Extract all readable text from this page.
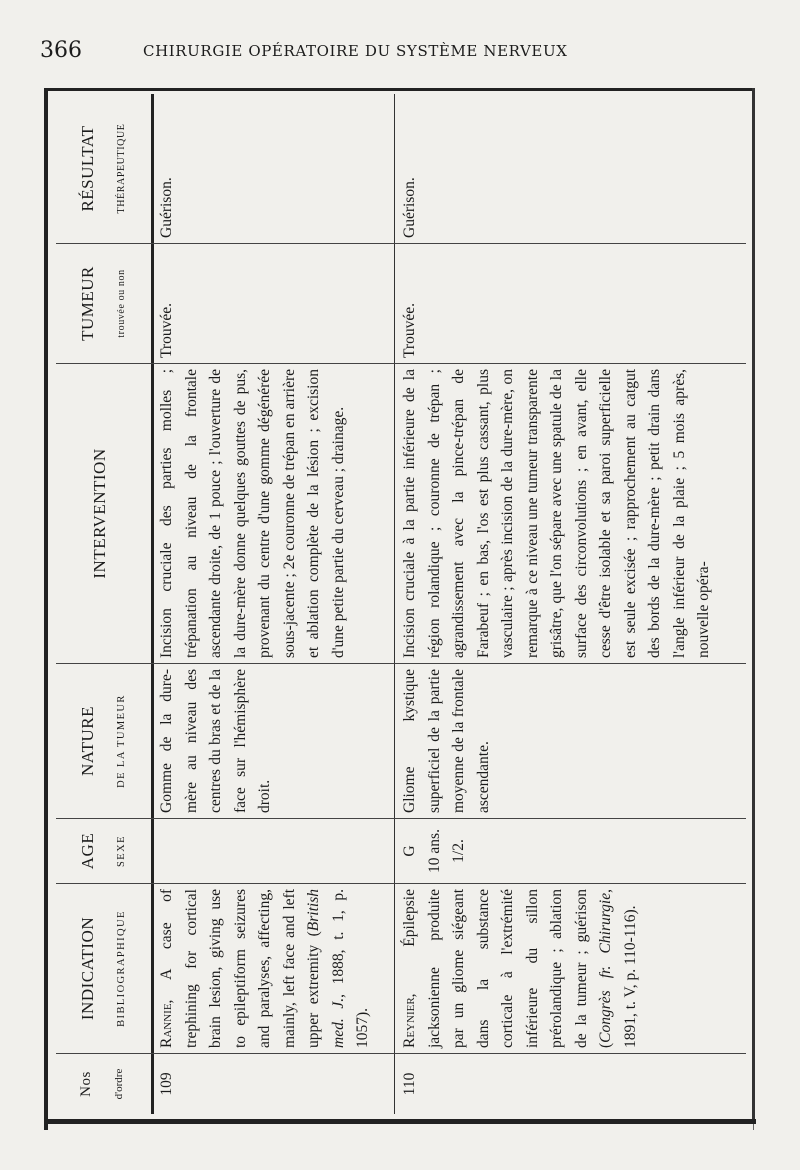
366	CHIRURGIE OPÉRATOIRE DU SYSTÈME NERVEUX
Nos d'ordre
INDICATION BIBLIOGRAPHIQUE
AGE SEXE
NATURE DE LA TUMEUR
INTERVENTION
TUMEUR trouvée ou non
RÉSULTAT THÉRAPEUTIQUE
109
Rannie, A case of trephining for cortical brain lesion, giving use to epileptiform seizures and paralyses, affecting, mainly, left face and left upper extremity (British med. J., 1888, t. 1, p. 1057).
Gomme de la dure-mère au niveau des centres du bras et de la face sur l'hémisphère droit.
Incision cruciale des parties molles ; trépanation au niveau de la frontale ascendante droite, de 1 pouce ; l'ouverture de la dure-mère donne quelques gouttes de pus, provenant du centre d'une gomme dégénérée sous-jacente ; 2e couronne de trépan en arrière et ablation complète de la lésion ; excision d'une petite partie du cerveau ; drainage.
Trouvée.
Guérison.
110
Reynier, Épilepsie jacksonienne produite par un gliome siégeant dans la substance corticale à l'extrémité inférieure du sillon prérolandique ; ablation de la tumeur ; guérison (Congrès fr. Chirurgie, 1891, t. V, p. 110-116).
G 10 ans. 1/2.
Gliome kystique superficiel de la partie moyenne de la frontale ascendante.
Incision cruciale à la partie inférieure de la région rolandique ; couronne de trépan ; agrandissement avec la pince-trépan de Farabeuf ; en bas, l'os est plus cassant, plus vasculaire ; après incision de la dure-mère, on remarque à ce niveau une tumeur transparente grisâtre, que l'on sépare avec une spatule de la surface des circonvolutions ; en avant, elle cesse d'être isolable et sa paroi superficielle est seule excisée ; rapprochement au catgut des bords de la dure-mère ; petit drain dans l'angle inférieur de la plaie ; 5 mois après, nouvelle opéra-
Trouvée.
Guérison.
